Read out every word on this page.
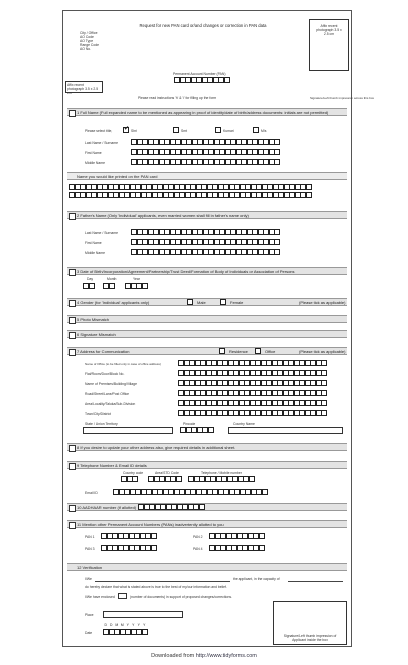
Request for new PAN card or/and changes or correction in PAN data
City / Office
AO Code
AO Type
Range Code
AO No.
Affix recent photograph 3.5 x 2.5 cm
Affix recent photograph 3.5 x 2.5 cm
Permanent Account Number (PAN)
Please read instructions 'h' & 'i' for filling up the form	Signature/Left thumb impression across this box
1 Full Name (Full expanded name to be mentioned as appearing in proof of identity/date of birth/address documents: initials are not permitted)
Please select title, ✔ Shri	Smt	Kumari	M/s
Last Name / Surname
First Name
Middle Name
Name you would like printed on the PAN card
2 Father's Name (Only 'Individual' applicants, even married women shall fill in father's name only)
Last Name / Surname
First Name
Middle Name
3 Date of Birth/Incorporation/Agreement/Partnership/Trust Deed/Formation of Body of Individuals or Association of Persons
Day	Month	Year
4 Gender (for 'Individual' applicants only)	Male	Female	(Please tick as applicable)
5 Photo Mismatch
6 Signature Mismatch
7 Address for Communication	Residence	Office	(Please tick as applicable)
Name of Office (to be filled only in case of office address)
Flat/Room/Door/Block No.
Name of Premises/Building/Village
Road/Street/Lane/Post Office
Area/Locality/Taluka/Sub-Division
Town/City/District
State / Union Territory	Pincode	Country Name
8 If you desire to update your other address also, give required details in additional sheet.
9 Telephone Number & Email ID details
Country code	Area/STD Code	Telephone / Mobile number
Email ID
10 AADHAAR number (if allotted)
11 Mention other Permanent Account Numbers (PANs) inadvertently allotted to you
PAN 1	PAN 2
PAN 3	PAN 4
12 Verification
I/We	the applicant, in the capacity of
do hereby declare that what is stated above is true to the best of my/our information and belief.
I/We have enclosed	(number of documents) in support of proposed changes/corrections.
Place
D D M M Y Y Y Y
Date
Signature/Left thumb impression of Applicant inside the box
Downloaded from http://www.tidyforms.com
